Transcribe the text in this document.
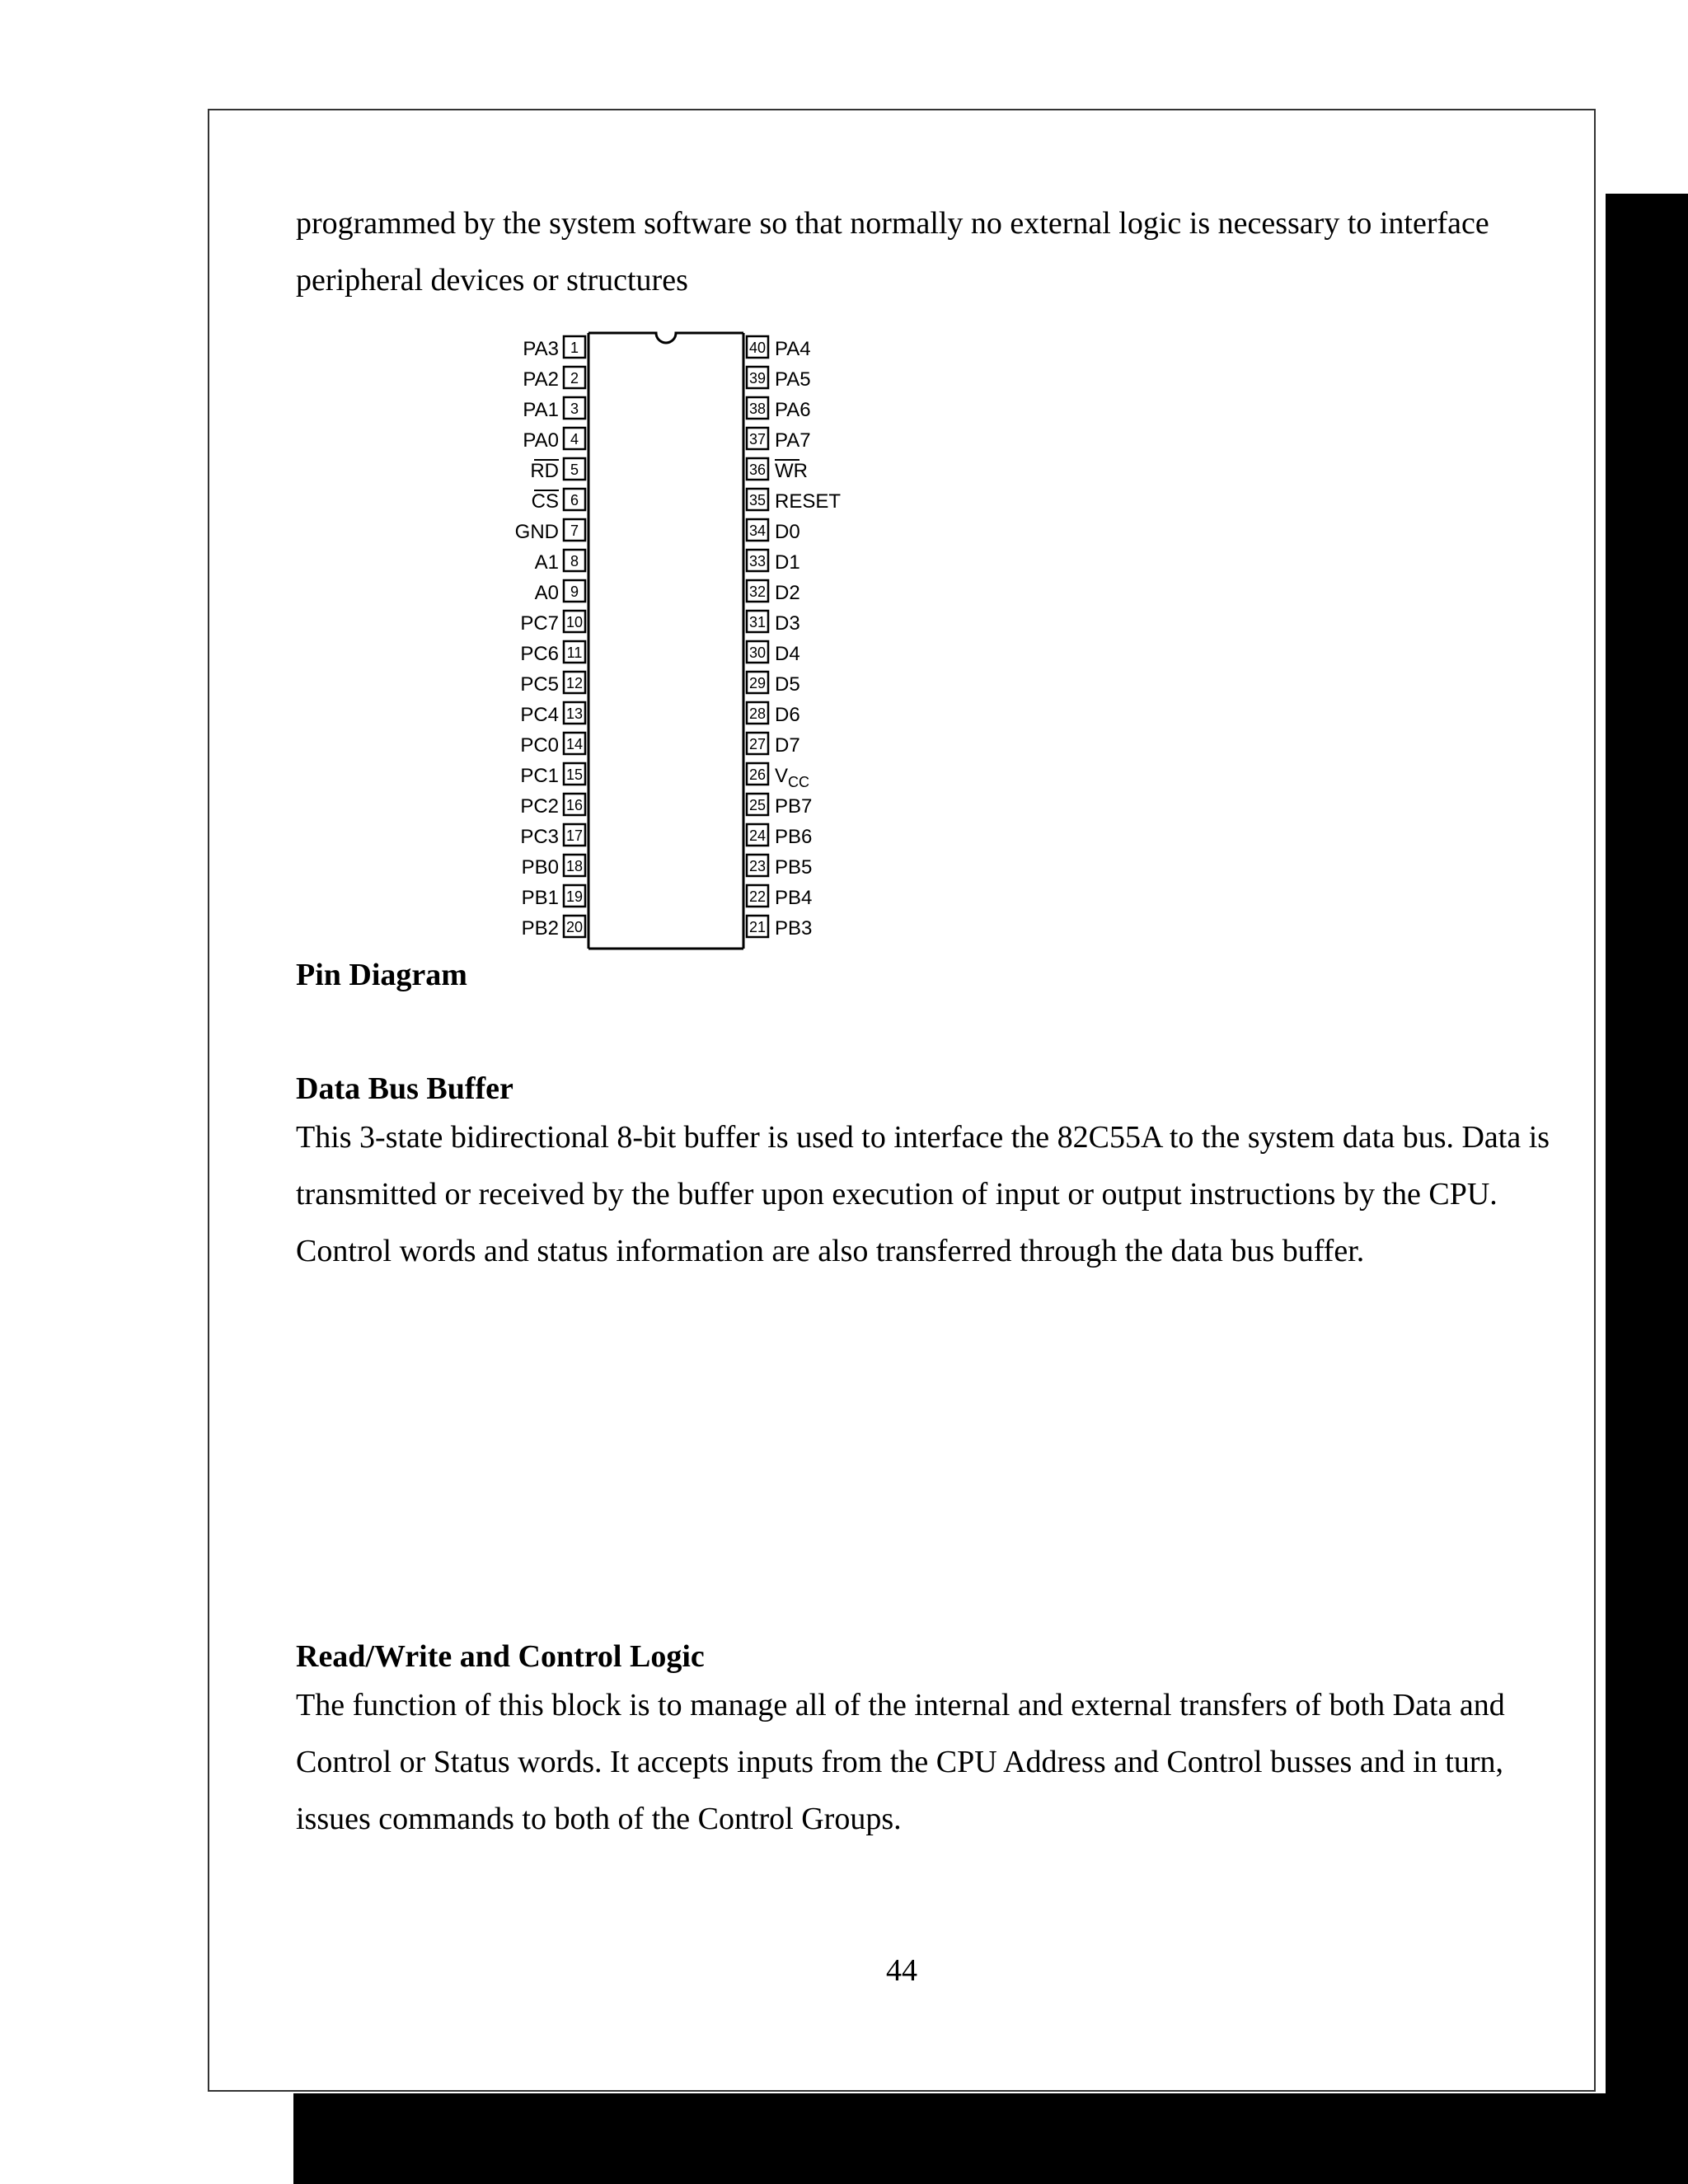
programmed by the system software so that normally no external logic is necessary to interface peripheral devices or structures

1
PA3
2
PA2
3
PA1
4
PA0
5
RD
6
CS
7
GND
8
A1
9
A0
10
PC7
11
PC6
12
PC5
13
PC4
14
PC0
15
PC1
16
PC2
17
PC3
18
PB0
19
PB1
20
PB2
40 PA4
39 PA5
38 PA6
37 PA7
36 WR
35 RESET
34 D0
33 D1
32 D2
31 D3
30 D4
29 D5
28 D6
27 D7
26 $V_{CC}$
25 PB7
24 PB6
23 PB5
22 PB4
21 PB3

Pin Diagram

Data Bus Buffer

This 3-state bidirectional 8-bit buffer is used to interface the 82C55A to the system data bus. Data is transmitted or received by the buffer upon execution of input or output instructions by the CPU. Control words and status information are also transferred through the data bus buffer.

Read/Write and Control Logic

The function of this block is to manage all of the internal and external transfers of both Data and Control or Status words. It accepts inputs from the CPU Address and Control busses and in turn, issues commands to both of the Control Groups.

44
